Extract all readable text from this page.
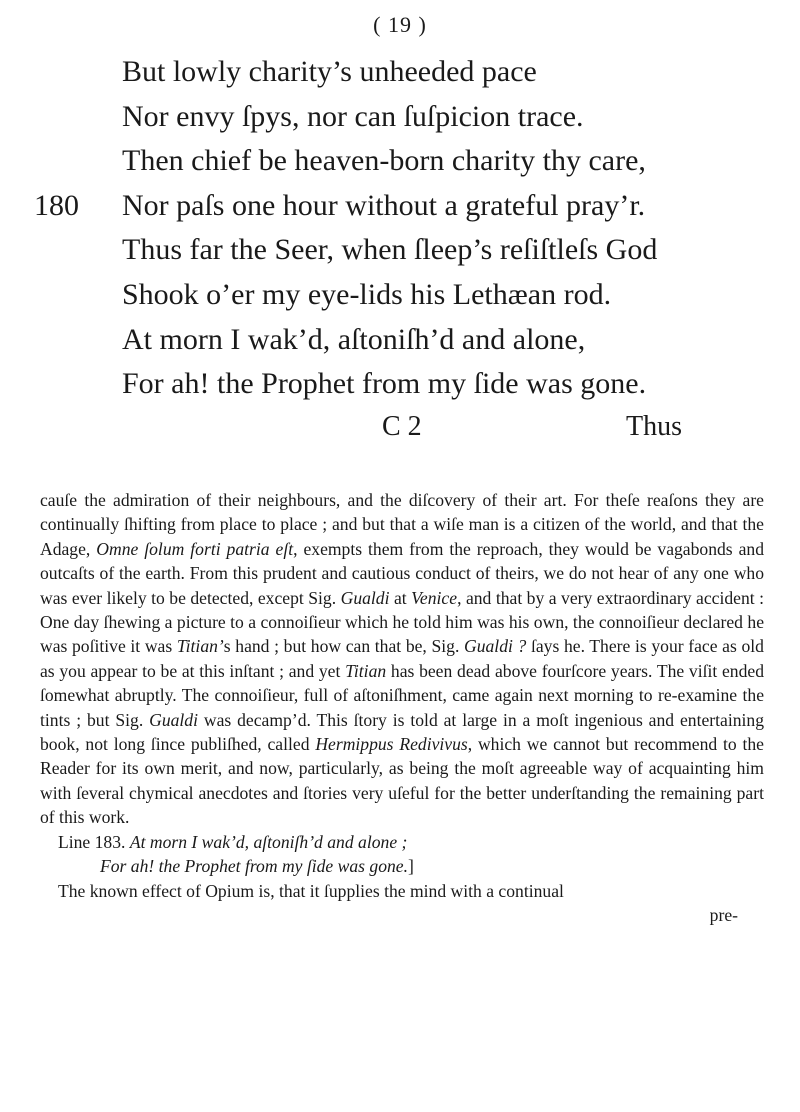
( 19 )
But lowly charity’s unheeded pace
Nor envy ſpys, nor can ſuſpicion trace.
Then chief be heaven-born charity thy care,
180 Nor paſs one hour without a grateful pray’r.
Thus far the Seer, when ſleep’s reſiſtleſs God
Shook o’er my eye-lids his Lethæan rod.
At morn I wak’d, aſtoniſh’d and alone,
For ah! the Prophet from my ſide was gone.
C 2	Thus

cauſe the admiration of their neighbours, and the diſcovery of their art. For theſe reaſons they are continually ſhifting from place to place ; and but that a wiſe man is a citizen of the world, and that the Adage, Omne ſolum forti patria eſt, exempts them from the reproach, they would be vagabonds and outcaſts of the earth. From this prudent and cautious conduct of theirs, we do not hear of any one who was ever likely to be detected, except Sig. Gualdi at Venice, and that by a very extraordinary accident : One day ſhewing a picture to a connoiſieur which he told him was his own, the connoiſieur declared he was poſitive it was Titian’s hand ; but how can that be, Sig. Gualdi ? ſays he. There is your face as old as you appear to be at this inſtant ; and yet Titian has been dead above fourſcore years. The viſit ended ſomewhat abruptly. The connoiſieur, full of aſtoniſhment, came again next morning to re-examine the tints ; but Sig. Gualdi was decamp’d. This ſtory is told at large in a moſt ingenious and entertaining book, not long ſince publiſhed, called Hermippus Redivivus, which we cannot but recommend to the Reader for its own merit, and now, particularly, as being the moſt agreeable way of acquainting him with ſeveral chymical anecdotes and ſtories very uſeful for the better underſtanding the remaining part of this work.

Line 183. At morn I wak’d, aſtoniſh’d and alone ;

For ah! the Prophet from my ſide was gone.]

The known effect of Opium is, that it ſupplies the mind with a continual

pre-
